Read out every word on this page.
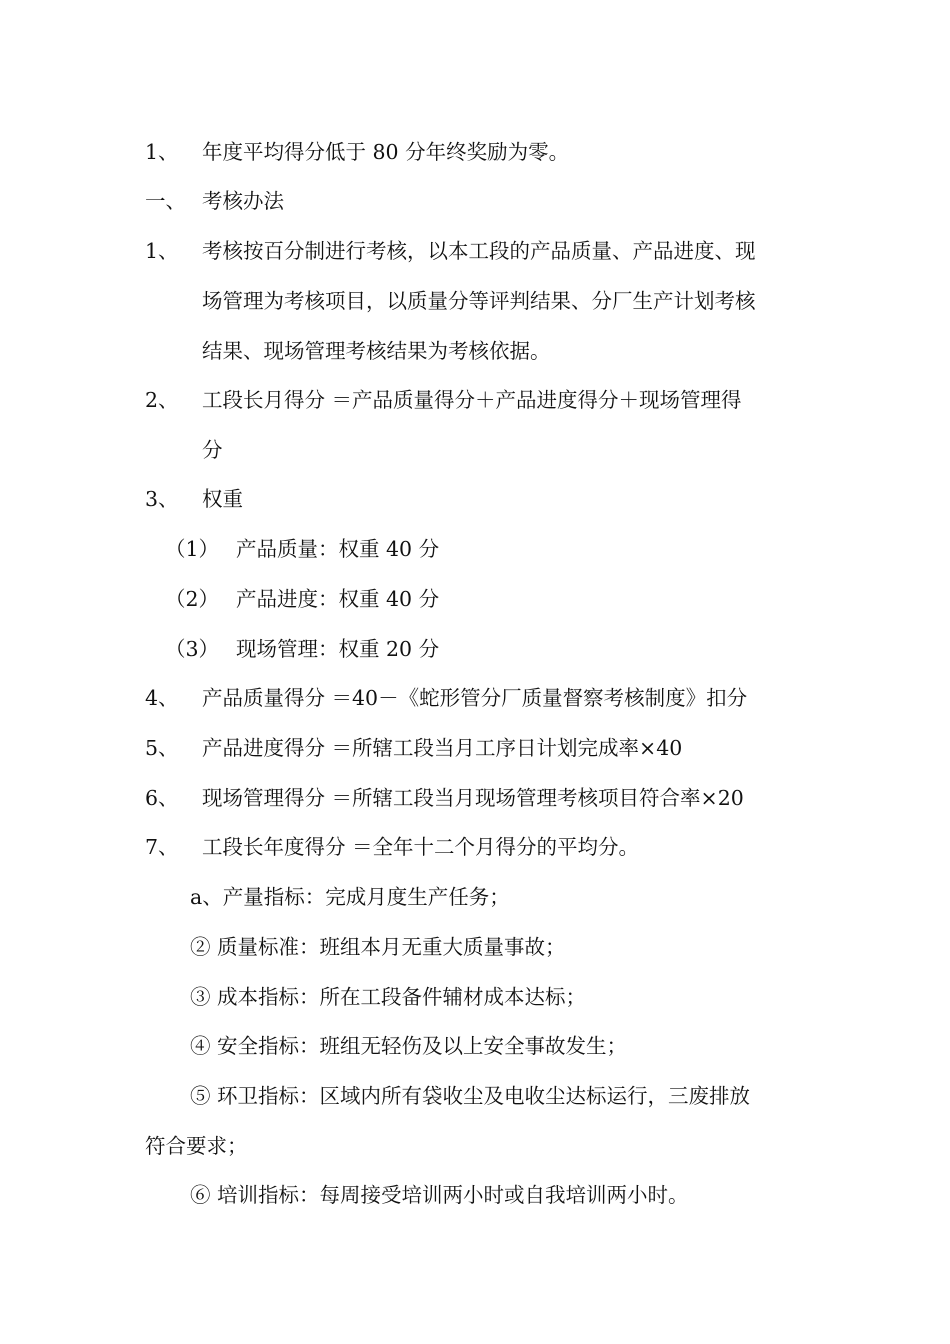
1、 年度平均得分低于 80 分年终奖励为零。
一、 考核办法
1、 考核按百分制进行考核，以本工段的产品质量、产品进度、现
场管理为考核项目，以质量分等评判结果、分厂生产计划考核
结果、现场管理考核结果为考核依据。
2、 工段长月得分 ＝产品质量得分＋产品进度得分＋现场管理得
分
3、 权重
（1） 产品质量：权重 40 分
（2） 产品进度：权重 40 分
（3） 现场管理：权重 20 分
4、 产品质量得分 ＝40－《蛇形管分厂质量督察考核制度》扣分
5、 产品进度得分 ＝所辖工段当月工序日计划完成率×40
6、 现场管理得分 ＝所辖工段当月现场管理考核项目符合率×20
7、 工段长年度得分 ＝全年十二个月得分的平均分。
a、产量指标：完成月度生产任务；
② 质量标准：班组本月无重大质量事故；
③ 成本指标：所在工段备件辅材成本达标；
④ 安全指标：班组无轻伤及以上安全事故发生；
⑤ 环卫指标：区域内所有袋收尘及电收尘达标运行，三废排放
符合要求；
⑥ 培训指标：每周接受培训两小时或自我培训两小时。
